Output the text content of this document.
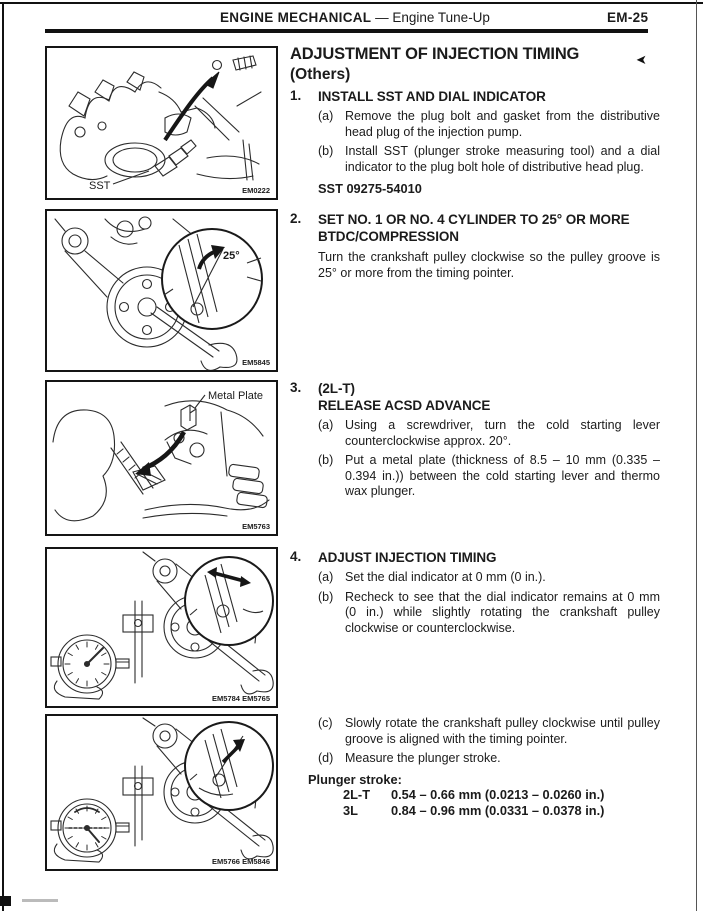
ENGINE MECHANICAL — Engine Tune-Up	EM-25
SST	EM0222
25°
EM5845
Metal Plate
EM5763
EM5784 EM5765
EM5766 EM5846
ADJUSTMENT OF INJECTION TIMING
(Others)
➤
1.	INSTALL SST AND DIAL INDICATOR
(a) Remove the plug bolt and gasket from the distributive head plug of the injection pump.

(b) Install SST (plunger stroke measuring tool) and a dial indicator to the plug bolt hole of distributive head plug.

SST 09275-54010
2.	SET NO. 1 OR NO. 4 CYLINDER TO 25° OR MORE BTDC/COMPRESSION

Turn the crankshaft pulley clockwise so the pulley groove is 25° or more from the timing pointer.

3.	(2L-T)
RELEASE ACSD ADVANCE
(a) Using a screwdriver, turn the cold starting lever counterclockwise approx. 20°.

(b) Put a metal plate (thickness of 8.5 – 10 mm (0.335 – 0.394 in.)) between the cold starting lever and thermo wax plunger.

4.	ADJUST INJECTION TIMING
(a) Set the dial indicator at 0 mm (0 in.).

(b) Recheck to see that the dial indicator remains at 0 mm (0 in.) while slightly rotating the crankshaft pulley clockwise or counterclockwise.

(c) Slowly rotate the crankshaft pulley clockwise until pulley groove is aligned with the timing pointer.

(d) Measure the plunger stroke.

Plunger stroke:
2L-T	0.54 – 0.66 mm (0.0213 – 0.0260 in.)
3L	0.84 – 0.96 mm (0.0331 – 0.0378 in.)
